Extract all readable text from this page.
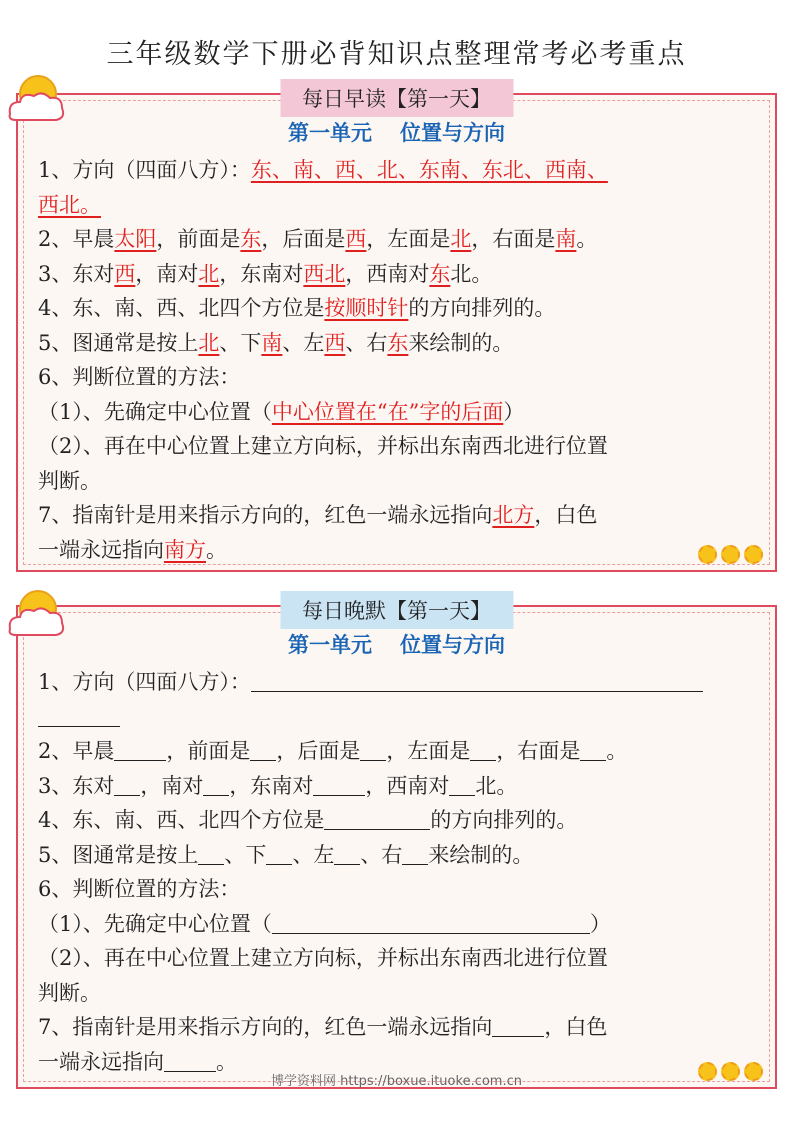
三年级数学下册必背知识点整理常考必考重点
每日早读【第一天】
第一单元 位置与方向

1、方向（四面八方）：东、南、西、北、东南、东北、西南、

西北。

2、早晨太阳，前面是东，后面是西，左面是北，右面是南。

3、东对西，南对北，东南对西北，西南对东北。

4、东、南、西、北四个方位是按顺时针的方向排列的。

5、图通常是按上北、下南、左西、右东来绘制的。

6、判断位置的方法：

（1）、先确定中心位置（中心位置在“在”字的后面）

（2）、再在中心位置上建立方向标，并标出东南西北进行位置

判断。

7、指南针是用来指示方向的，红色一端永远指向北方，白色

一端永远指向南方。

每日晚默【第一天】
第一单元 位置与方向

1、方向（四面八方）：

2、早晨 ，前面是 ，后面是 ，左面是 ，右面是 。

3、东对 ，南对 ，东南对 ，西南对 北。

4、东、南、西、北四个方位是	的方向排列的。

5、图通常是按上 、下 、左 、右 来绘制的。

6、判断位置的方法：

（1）、先确定中心位置（	）

（2）、再在中心位置上建立方向标，并标出东南西北进行位置

判断。

7、指南针是用来指示方向的，红色一端永远指向 ，白色

一端永远指向 。

博学资料网 https://boxue.ituoke.com.cn
